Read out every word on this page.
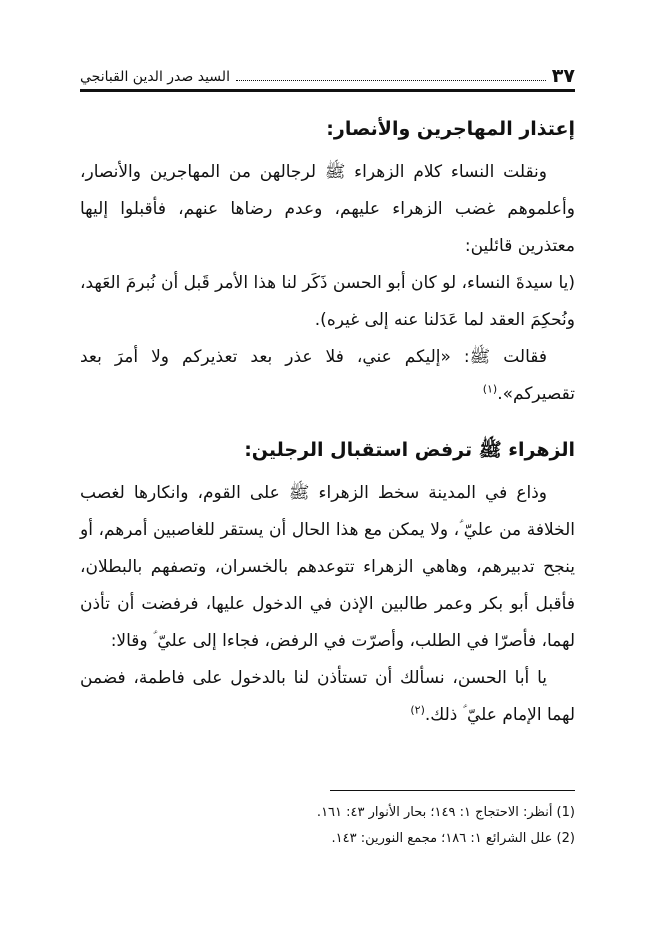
٣٧
السيد صدر الدين القبانجي
إعتذار المهاجرين والأنصار:

ونقلت النساء كلام الزهراء ﷺ لرجالهن من المهاجرين والأنصار، وأعلموهم غضب الزهراء عليهم، وعدم رضاها عنهم، فأقبلوا إليها معتذرين قائلين:

(يا سيدةَ النساء، لو كان أبو الحسن ذَكَر لنا هذا الأمر قَبل أن نُبرمَ العَهد، ونُحكِمَ العقد لما عَدَلنا عنه إلى غيره).

فقالت ﷺ: «إليكم عني، فلا عذر بعد تعذيركم ولا أمرَ بعد تقصيركم».$^{(١)}$

الزهراء ﷺ ترفض استقبال الرجلين:

وذاع في المدينة سخط الزهراء ﷺ على القوم، وانكارها لغصب الخلافة من عليّ ؑ، ولا يمكن مع هذا الحال أن يستقر للغاصبين أمرهم، أو ينجح تدبيرهم، وهاهي الزهراء تتوعدهم بالخسران، وتصفهم بالبطلان، فأقبل أبو بكر وعمر طالبين الإذن في الدخول عليها، فرفضت أن تأذن لهما، فأصرّا في الطلب، وأصرّت في الرفض، فجاءا إلى عليّ ؑ وقالا:

يا أبا الحسن، نسألك أن تستأذن لنا بالدخول على فاطمة، فضمن لهما الإمام عليّ ؑ ذلك.$^{(٢)}$

(1) أنظر: الاحتجاج ١: ١٤٩؛ بحار الأنوار ٤٣: ١٦١.

(2) علل الشرائع ١: ١٨٦؛ مجمع النورين: ١٤٣.
